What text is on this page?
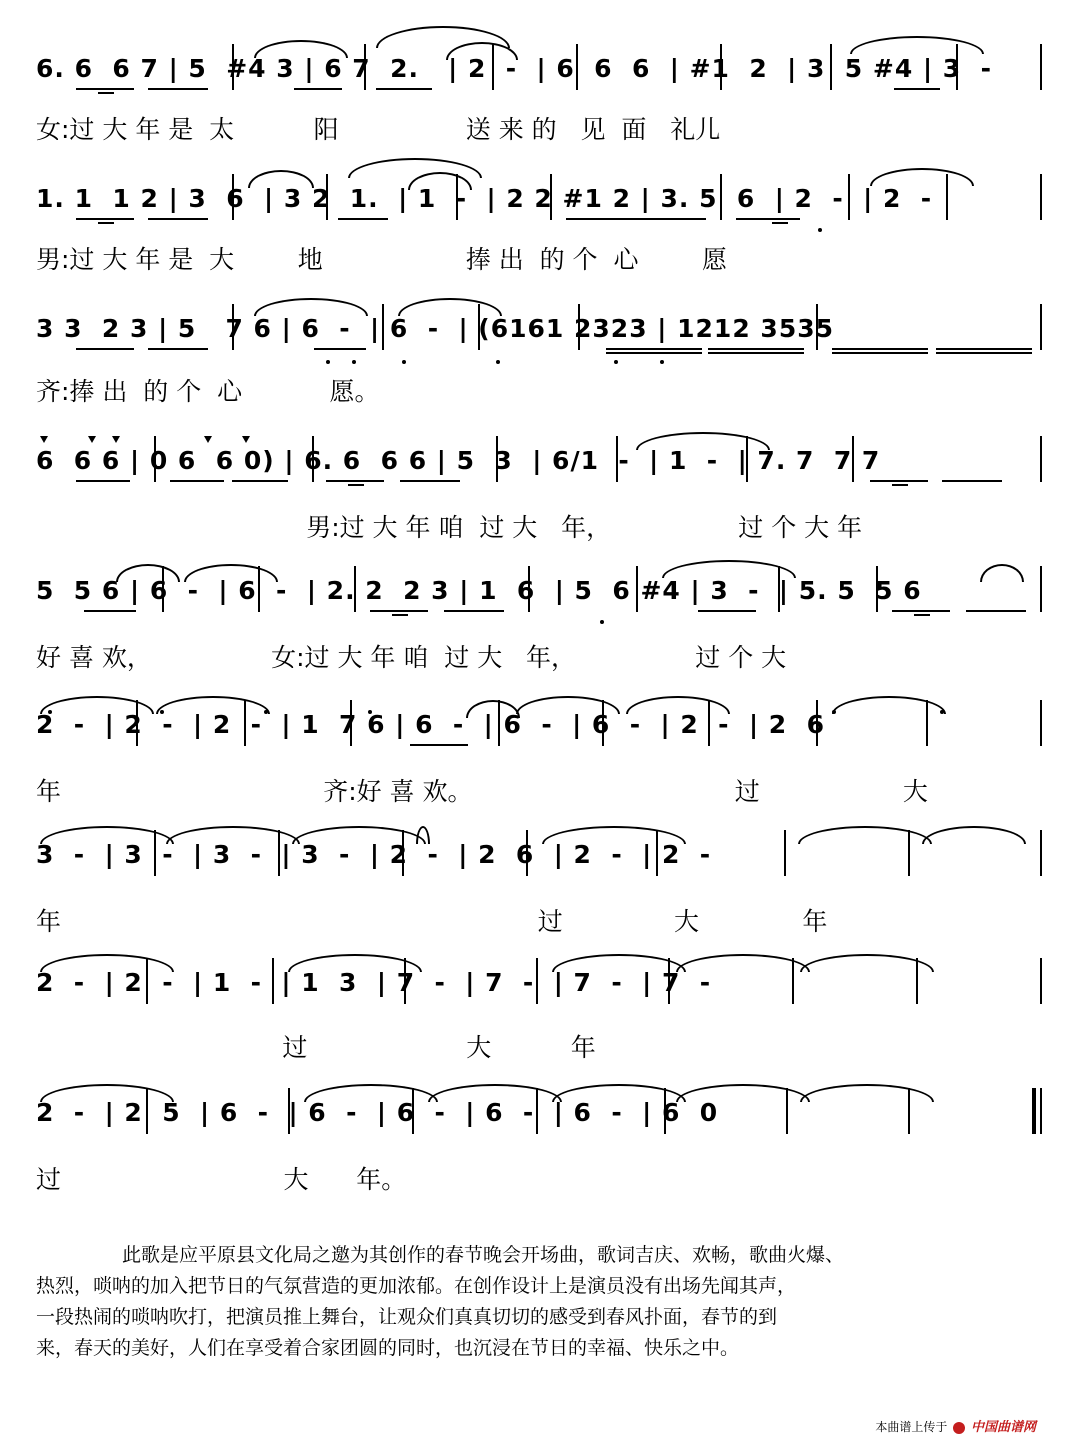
6. 6  6 7 | 5  #4 3 | 6 7  2.   | 2  -  | 6  6  6  | #1  2  | 3  5 #4 | 3  -
女:过 大 年 是  太          阳                送 来 的   见  面   礼儿
1. 1  1 2 | 3  6  | 3 2  1.  | 1  -  | 2 2 #1 2 | 3. 5  6  | 2  -  | 2  -
男:过 大 年 是  大        地                  捧 出  的 个  心        愿
3 3  2 3 | 5   7 6 | 6  -  | 6  -  | (6161 2323 | 1212 3535
齐:捧 出  的 个  心           愿。
6  6 6 | 0 6  6 0) | 6. 6  6 6 | 5  3  | 6/1  -  | 1  -  | 7. 7  7 7
男:过 大 年 咱  过 大   年，                过 个 大 年
5  5 6 | 6  -  | 6  -  | 2. 2  2 3 | 1  6  | 5  6 #4 | 3  -  | 5. 5  5 6
好 喜 欢，               女:过 大 年 咱  过 大   年，               过 个 大
2  -  | 2  -  | 2  -  | 1  7 6 | 6  -  | 6  -  | 6  -  | 2  -  | 2  6
年                                 齐:好 喜 欢。                                 过                  大
3  -  | 3  -  | 3  -  | 3  -  | 2  -  | 2  6  | 2  -  | 2  -
年                                                            过              大             年
2  -  | 2  -  | 1  -  | 1  3  | 7  -  | 7  -  | 7  -  | 7  -
过                    大          年
2  -  | 2  5  | 6  -  | 6  -  | 6  -  | 6  -  | 6  -  | 6  0
过                            大      年。
此歌是应平原县文化局之邀为其创作的春节晚会开场曲，歌词吉庆、欢畅，歌曲火爆、
热烈，唢呐的加入把节日的气氛营造的更加浓郁。在创作设计上是演员没有出场先闻其声，
一段热闹的唢呐吹打，把演员推上舞台，让观众们真真切切的感受到春风扑面，春节的到
来，春天的美好，人们在享受着合家团圆的同时，也沉浸在节日的幸福、快乐之中。
本曲谱上传于 中国曲谱网
